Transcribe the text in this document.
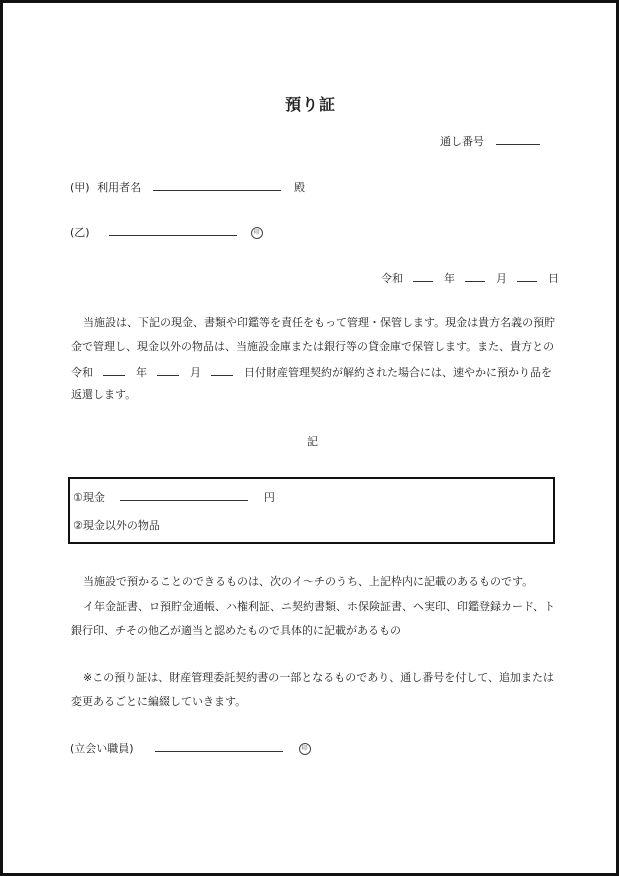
預り証
通し番号
(甲) 利用者名	殿
(乙)	印
令和	年	月	日
当施設は、下記の現金、書類や印鑑等を責任をもって管理・保管します。現金は貴方名義の預貯
金で管理し、現金以外の物品は、当施設金庫または銀行等の貸金庫で保管します。また、貴方との
令和	年	月	日付財産管理契約が解約された場合には、速やかに預かり品を
返還します。
記
①現金	円
②現金以外の物品
当施設で預かることのできるものは、次のイ～チのうち、上記枠内に記載のあるものです。
イ年金証書、ロ預貯金通帳、ハ権利証、ニ契約書類、ホ保険証書、ヘ実印、印鑑登録カード、ト
銀行印、チその他乙が適当と認めたもので具体的に記載があるもの
※この預り証は、財産管理委託契約書の一部となるものであり、通し番号を付して、追加または
変更あるごとに編綴していきます。
(立会い職員)	印
